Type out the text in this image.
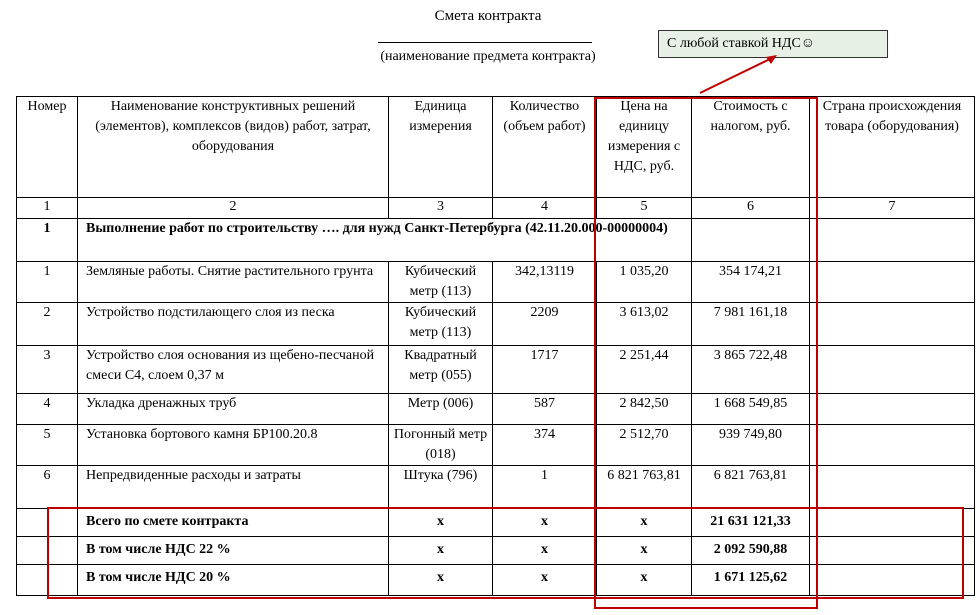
Смета контракта
(наименование предмета контракта)
С любой ставкой НДС☺
Номер	Наименование конструктивных решений (элементов), комплексов (видов) работ, затрат, оборудования	Единица измерения	Количество (объем работ)	Цена на единицу измерения с НДС, руб.	Стоимость с налогом, руб.	Страна происхождения товара (оборудования)
1	2	3	4	5	6	7
1	Выполнение работ по строительству …. для нужд Санкт-Петербурга (42.11.20.000-00000004)					
1	Земляные работы. Снятие растительного грунта	Кубический метр (113)	342,13119	1 035,20	354 174,21	
2	Устройство подстилающего слоя из песка	Кубический метр (113)	2209	3 613,02	7 981 161,18	
3	Устройство слоя основания из щебено-песчаной смеси С4, слоем 0,37 м	Квадратный метр (055)	1717	2 251,44	3 865 722,48	
4	Укладка дренажных труб	Метр (006)	587	2 842,50	1 668 549,85	
5	Установка бортового камня БР100.20.8	Погонный метр (018)	374	2 512,70	939 749,80	
6	Непредвиденные расходы и затраты	Штука (796)	1	6 821 763,81	6 821 763,81	
	Всего по смете контракта	x	x	x	21 631 121,33	
	В том числе НДС 22 %	x	x	x	2 092 590,88	
	В том числе НДС 20 %	x	x	x	1 671 125,62	
